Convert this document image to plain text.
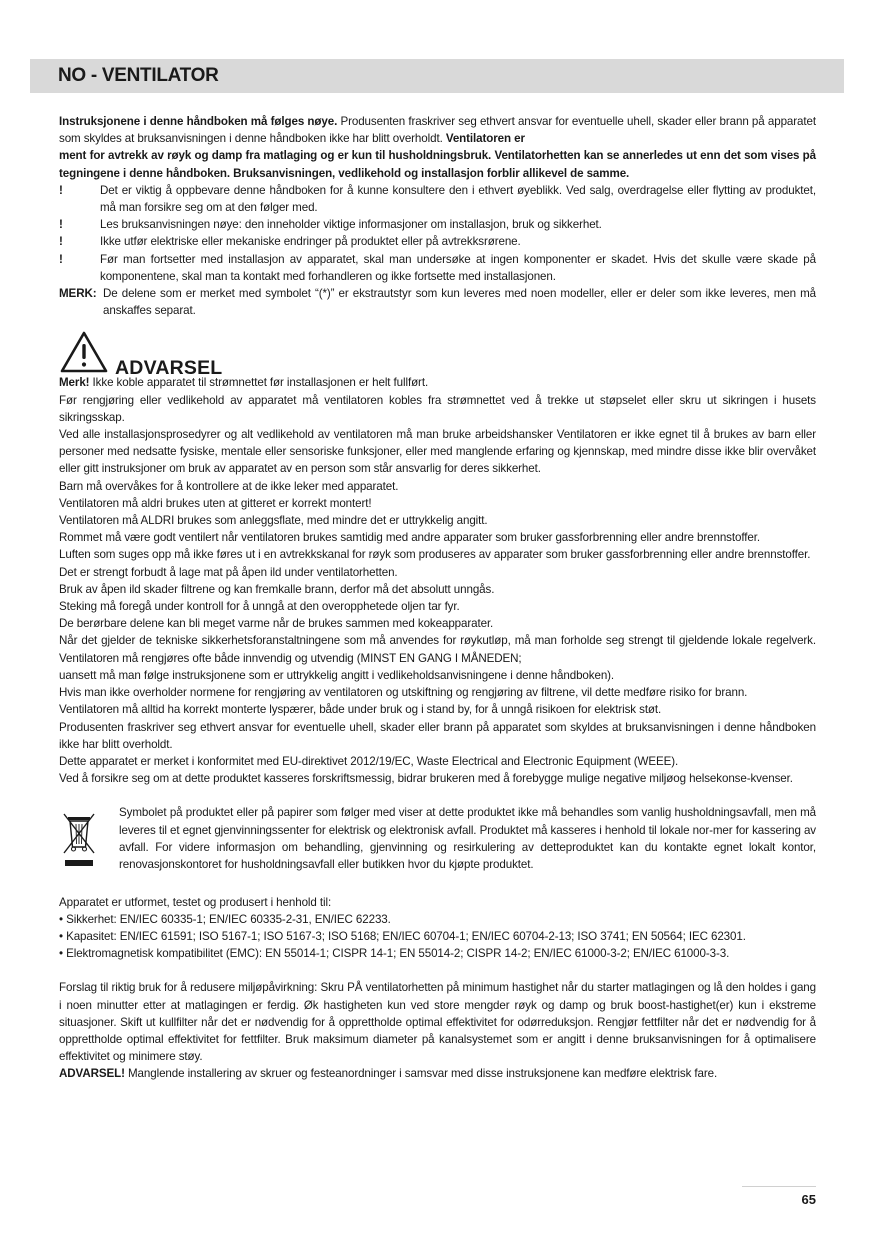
NO - VENTILATOR

Instruksjonene i denne håndboken må følges nøye. Produsenten fraskriver seg ethvert ansvar for eventuelle uhell, skader eller brann på apparatet som skyldes at bruksanvisningen i denne håndboken ikke har blitt overholdt. Ventilatoren er

ment for avtrekk av røyk og damp fra matlaging og er kun til husholdningsbruk. Ventilatorhetten kan se annerledes ut enn det som vises på tegningene i denne håndboken. Bruksanvisningen, vedlikehold og installasjon forblir allikevel de samme.

!	Det er viktig å oppbevare denne håndboken for å kunne konsultere den i ethvert øyeblikk. Ved salg, overdragelse eller flytting av produktet, må man forsikre seg om at den følger med.
!	Les bruksanvisningen nøye: den inneholder viktige informasjoner om installasjon, bruk og sikkerhet.
!	Ikke utfør elektriske eller mekaniske endringer på produktet eller på avtrekksrørene.
!	Før man fortsetter med installasjon av apparatet, skal man undersøke at ingen komponenter er skadet. Hvis det skulle være skade på komponentene, skal man ta kontakt med forhandleren og ikke fortsette med installasjonen.
MERK: De delene som er merket med symbolet “(*)” er ekstrautstyr som kun leveres med noen modeller, eller er deler som ikke leveres, men må anskaffes separat.
ADVARSEL

Merk! Ikke koble apparatet til strømnettet før installasjonen er helt fullført.

Før rengjøring eller vedlikehold av apparatet må ventilatoren kobles fra strømnettet ved å trekke ut støpselet eller skru ut sikringen i husets sikringsskap.

Ved alle installasjonsprosedyrer og alt vedlikehold av ventilatoren må man bruke arbeidshansker Ventilatoren er ikke egnet til å brukes av barn eller personer med nedsatte fysiske, mentale eller sensoriske funksjoner, eller med manglende erfaring og kjennskap, med mindre disse ikke blir overvåket eller gitt instruksjoner om bruk av apparatet av en person som står ansvarlig for deres sikkerhet.

Barn må overvåkes for å kontrollere at de ikke leker med apparatet.

Ventilatoren må aldri brukes uten at gitteret er korrekt montert!

Ventilatoren må ALDRI brukes som anleggsflate, med mindre det er uttrykkelig angitt.

Rommet må være godt ventilert når ventilatoren brukes samtidig med andre apparater som bruker gassforbrenning eller andre brennstoffer.

Luften som suges opp må ikke føres ut i en avtrekkskanal for røyk som produseres av apparater som bruker gassforbrenning eller andre brennstoffer.

Det er strengt forbudt å lage mat på åpen ild under ventilatorhetten.

Bruk av åpen ild skader filtrene og kan fremkalle brann, derfor må det absolutt unngås.

Steking må foregå under kontroll for å unngå at den overopphetede oljen tar fyr.

De berørbare delene kan bli meget varme når de brukes sammen med kokeapparater.

Når det gjelder de tekniske sikkerhetsforanstaltningene som må anvendes for røykutløp, må man forholde seg strengt til gjeldende lokale regelverk. Ventilatoren må rengjøres ofte både innvendig og utvendig (MINST EN GANG I MÅNEDEN;

uansett må man følge instruksjonene som er uttrykkelig angitt i vedlikeholdsanvisningene i denne håndboken).

Hvis man ikke overholder normene for rengjøring av ventilatoren og utskiftning og rengjøring av filtrene, vil dette medføre risiko for brann.

Ventilatoren må alltid ha korrekt monterte lyspærer, både under bruk og i stand by, for å unngå risikoen for elektrisk støt.

Produsenten fraskriver seg ethvert ansvar for eventuelle uhell, skader eller brann på apparatet som skyldes at bruksanvisningen i denne håndboken ikke har blitt overholdt.

Dette apparatet er merket i konformitet med EU-direktivet 2012/19/EC, Waste Electrical and Electronic Equipment (WEEE).

Ved å forsikre seg om at dette produktet kasseres forskriftsmessig, bidrar brukeren med å forebygge mulige negative miljøog helsekonse-kvenser.

Symbolet på produktet eller på papirer som følger med viser at dette produktet ikke må behandles som vanlig husholdningsavfall, men må leveres til et egnet gjenvinningssenter for elektrisk og elektronisk avfall. Produktet må kasseres i henhold til lokale nor-mer for kassering av avfall. For videre informasjon om behandling, gjenvinning og resirkulering av detteproduktet kan du kontakte egnet lokalt kontor, renovasjonskontoret for husholdningsavfall eller butikken hvor du kjøpte produktet.

Apparatet er utformet, testet og produsert i henhold til:

• Sikkerhet: EN/IEC 60335-1; EN/IEC 60335-2-31, EN/IEC 62233.

• Kapasitet: EN/IEC 61591; ISO 5167-1; ISO 5167-3; ISO 5168; EN/IEC 60704-1; EN/IEC 60704-2-13; ISO 3741; EN 50564; IEC 62301.

• Elektromagnetisk kompatibilitet (EMC): EN 55014-1; CISPR 14-1; EN 55014-2; CISPR 14-2; EN/IEC 61000-3-2; EN/IEC 61000-3-3.

Forslag til riktig bruk for å redusere miljøpåvirkning: Skru PÅ ventilatorhetten på minimum hastighet når du starter matlagingen og lå den holdes i gang i noen minutter etter at matlagingen er ferdig. Øk hastigheten kun ved store mengder røyk og damp og bruk boost-hastighet(er) kun i ekstreme situasjoner. Skift ut kullfilter når det er nødvendig for å opprettholde optimal effektivitet for odørreduksjon. Rengjør fettfilter når det er nødvendig for å opprettholde optimal effektivitet for fettfilter. Bruk maksimum diameter på kanalsystemet som er angitt i denne bruksanvisningen for å optimalisere effektivitet og minimere støy.

ADVARSEL! Manglende installering av skruer og festeanordninger i samsvar med disse instruksjonene kan medføre elektrisk fare.

65
